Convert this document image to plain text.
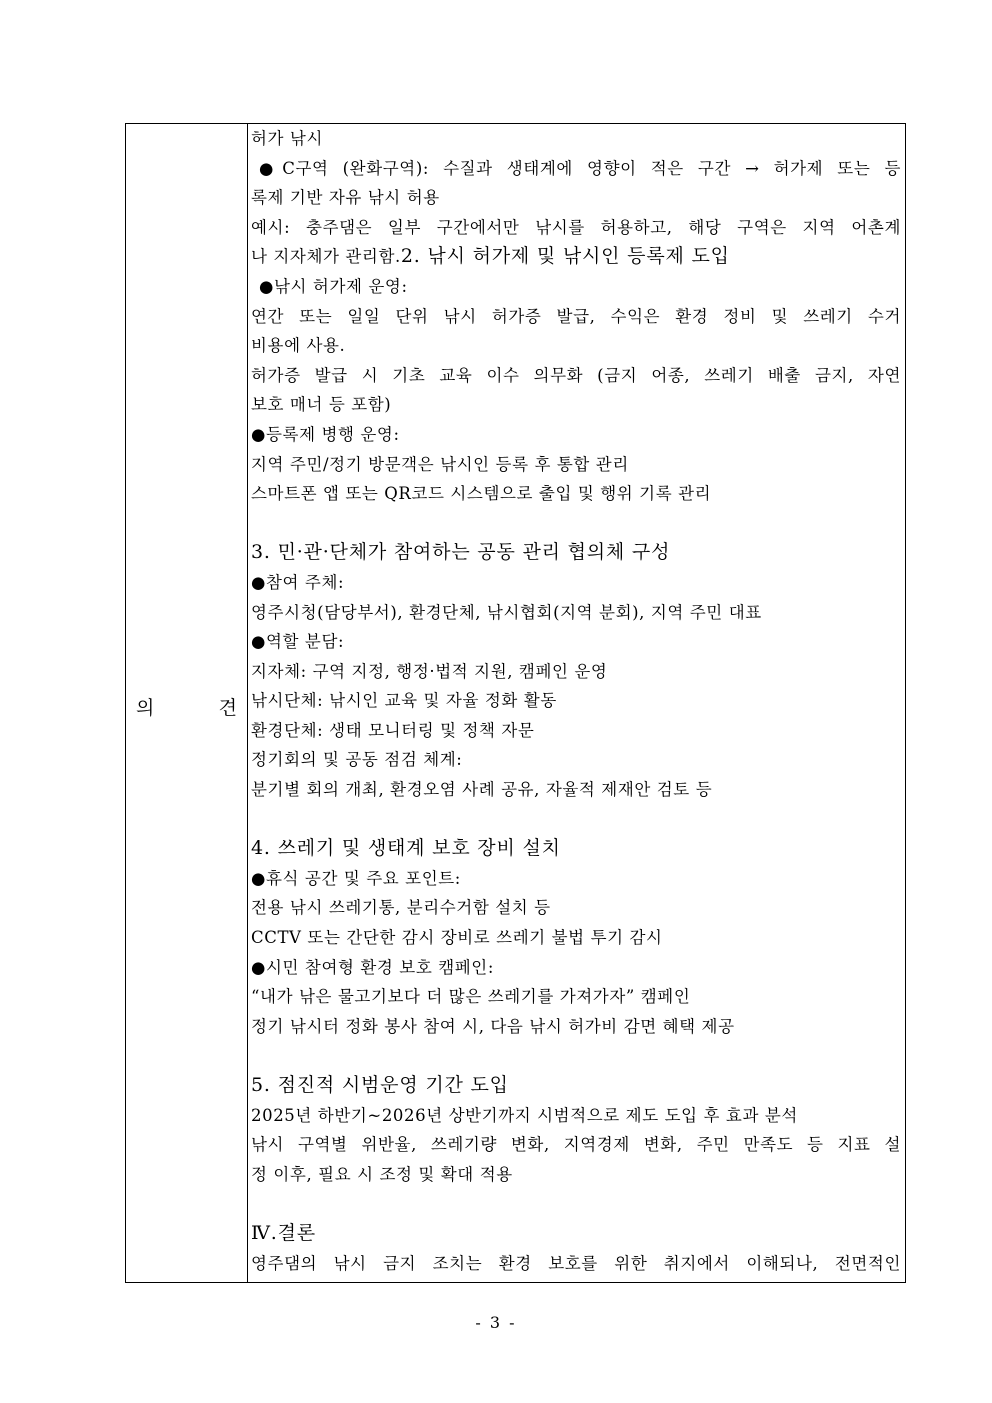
의	견
허가 낚시
●C구역 (완화구역): 수질과 생태계에 영향이 적은 구간 → 허가제 또는 등
록제 기반 자유 낚시 허용
예시: 충주댐은 일부 구간에서만 낚시를 허용하고, 해당 구역은 지역 어촌계
나 지자체가 관리함.2. 낚시 허가제 및 낚시인 등록제 도입
●낚시 허가제 운영:
연간 또는 일일 단위 낚시 허가증 발급, 수익은 환경 정비 및 쓰레기 수거
비용에 사용.
허가증 발급 시 기초 교육 이수 의무화 (금지 어종, 쓰레기 배출 금지, 자연
보호 매너 등 포함)
●등록제 병행 운영:
지역 주민/정기 방문객은 낚시인 등록 후 통합 관리
스마트폰 앱 또는 QR코드 시스템으로 출입 및 행위 기록 관리
3. 민·관·단체가 참여하는 공동 관리 협의체 구성
●참여 주체:
영주시청(담당부서), 환경단체, 낚시협회(지역 분회), 지역 주민 대표
●역할 분담:
지자체: 구역 지정, 행정·법적 지원, 캠페인 운영
낚시단체: 낚시인 교육 및 자율 정화 활동
환경단체: 생태 모니터링 및 정책 자문
정기회의 및 공동 점검 체계:
분기별 회의 개최, 환경오염 사례 공유, 자율적 제재안 검토 등
4. 쓰레기 및 생태계 보호 장비 설치
●휴식 공간 및 주요 포인트:
전용 낚시 쓰레기통, 분리수거함 설치 등
CCTV 또는 간단한 감시 장비로 쓰레기 불법 투기 감시
●시민 참여형 환경 보호 캠페인:
“내가 낚은 물고기보다 더 많은 쓰레기를 가져가자” 캠페인
정기 낚시터 정화 봉사 참여 시, 다음 낚시 허가비 감면 혜택 제공
5. 점진적 시범운영 기간 도입
2025년 하반기~2026년 상반기까지 시범적으로 제도 도입 후 효과 분석
낚시 구역별 위반율, 쓰레기량 변화, 지역경제 변화, 주민 만족도 등 지표 설
정 이후, 필요 시 조정 및 확대 적용
Ⅳ.결론
영주댐의 낚시 금지 조치는 환경 보호를 위한 취지에서 이해되나, 전면적인
- 3 -
